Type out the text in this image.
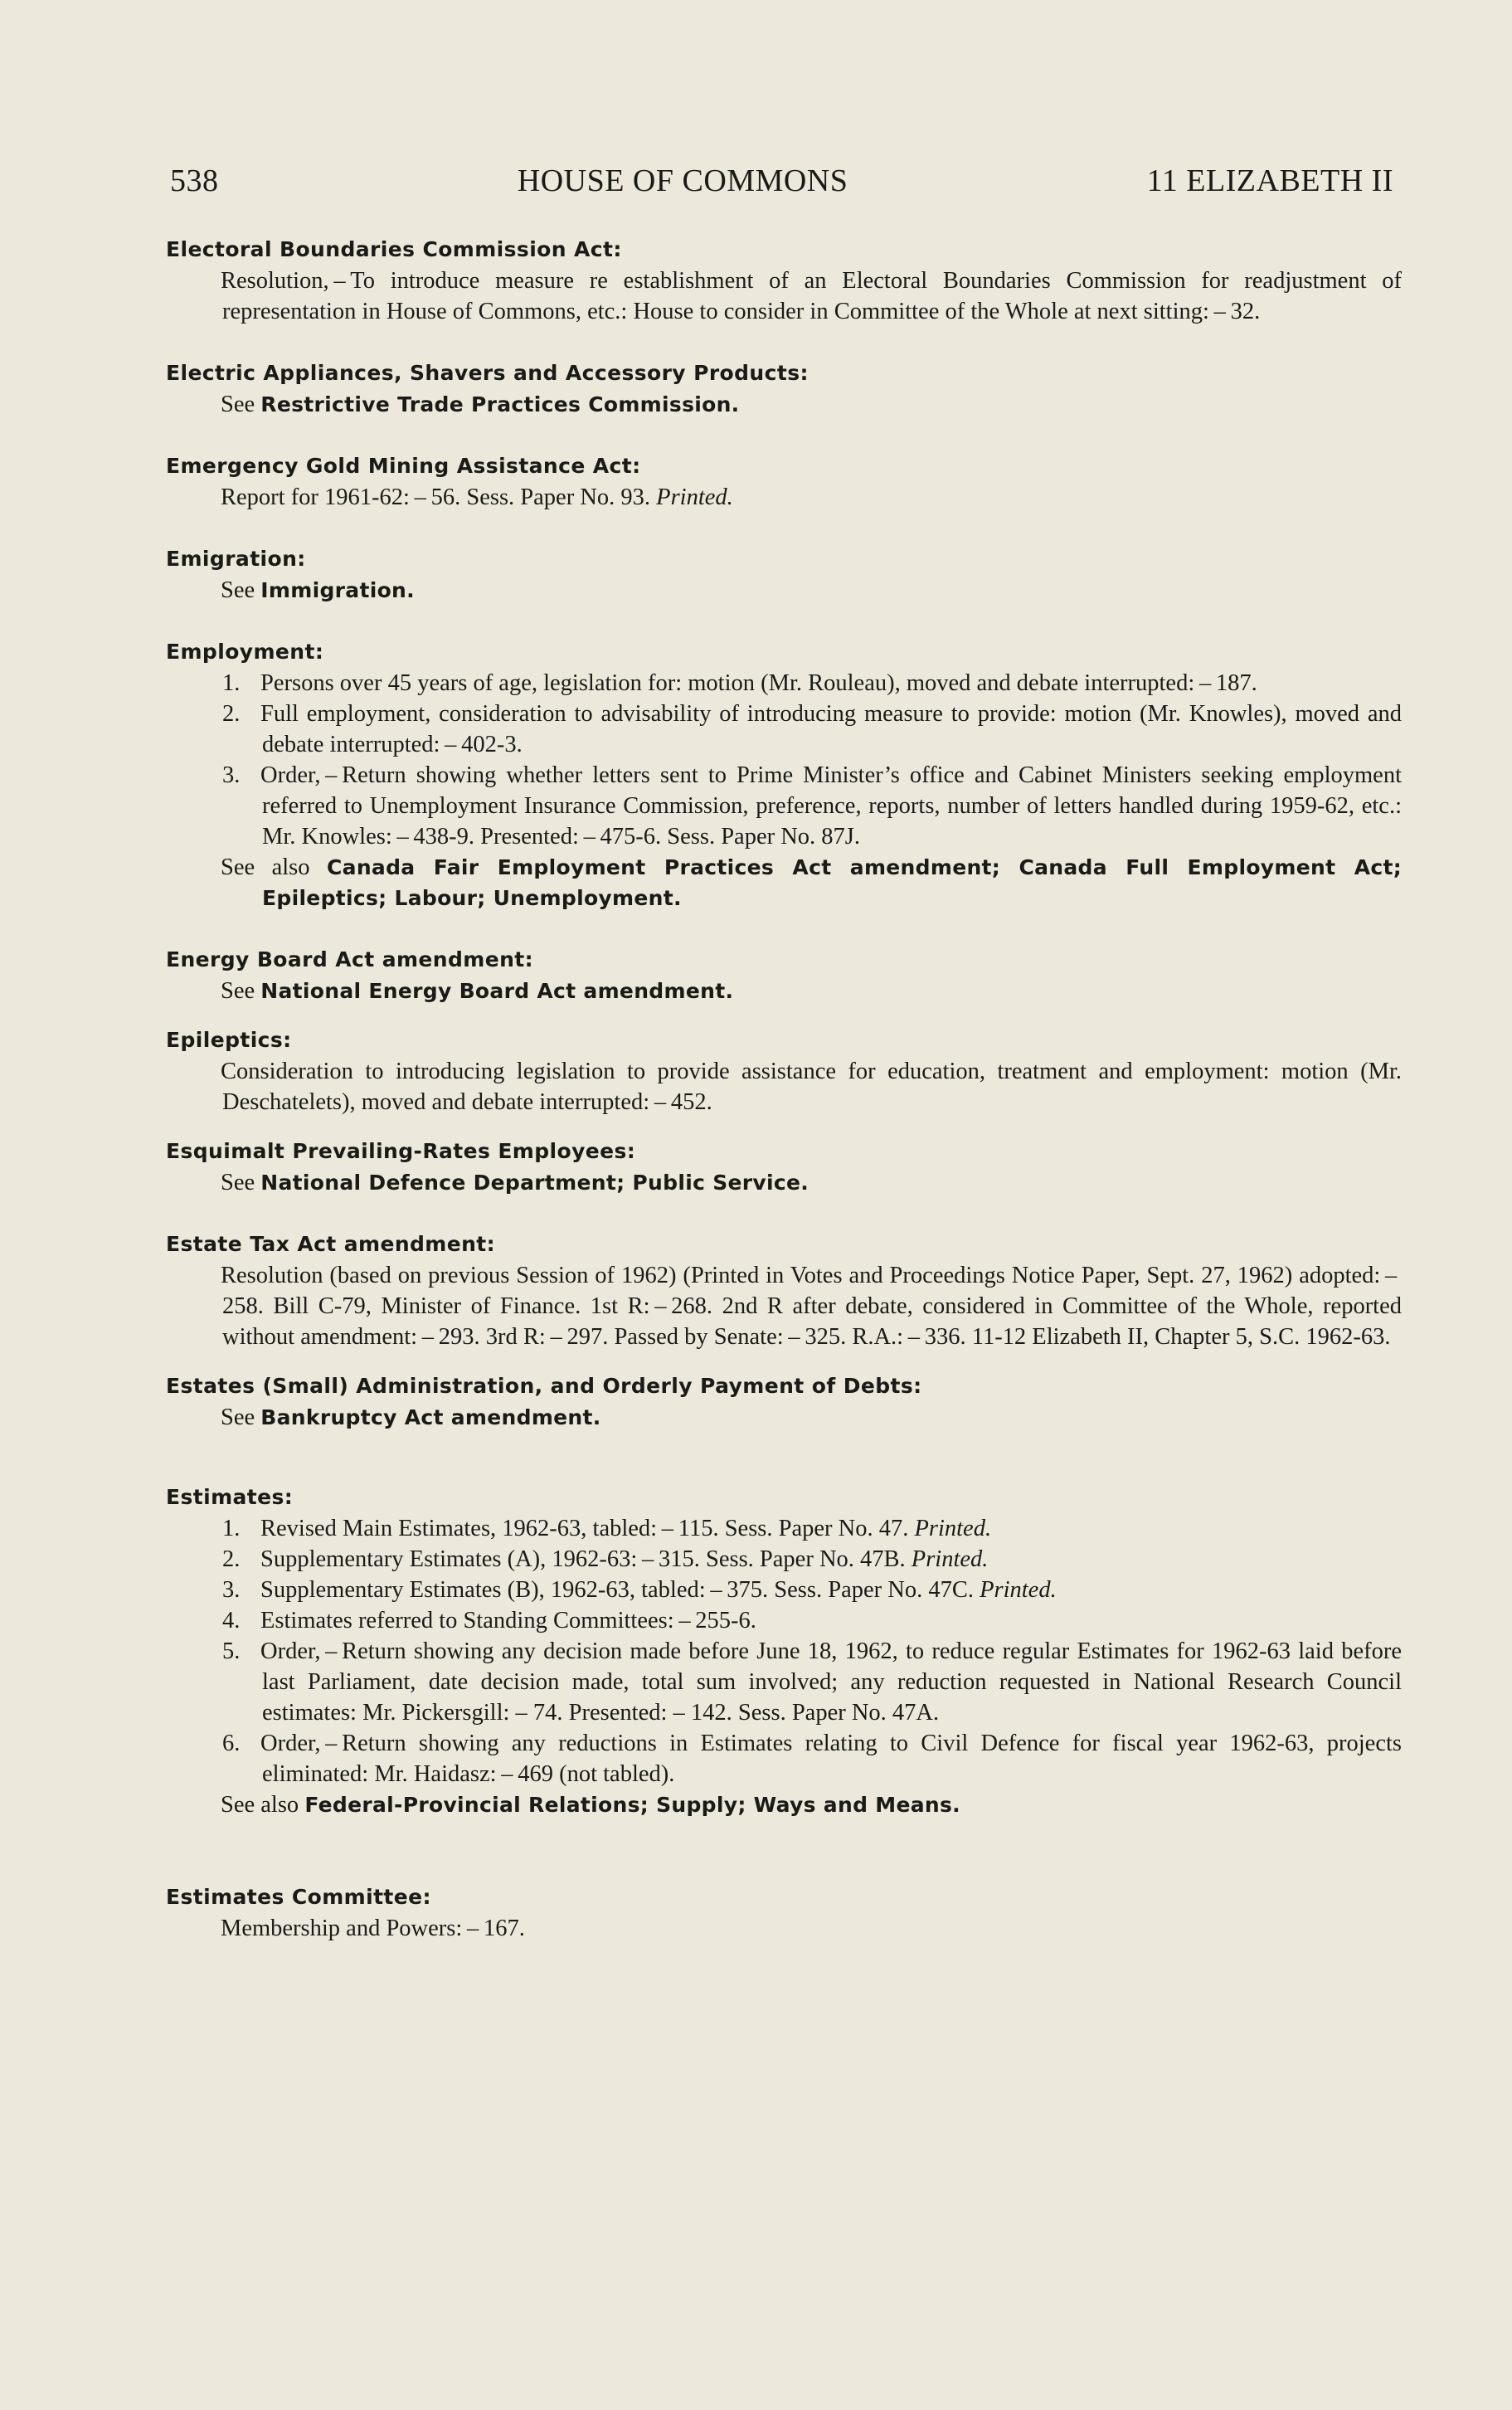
538	HOUSE OF COMMONS	11 ELIZABETH II
Electoral Boundaries Commission Act:
Resolution, – To introduce measure re establishment of an Electoral Boundaries Commission for readjustment of representation in House of Commons, etc.: House to consider in Committee of the Whole at next sitting: – 32.
Electric Appliances, Shavers and Accessory Products:
See Restrictive Trade Practices Commission.
Emergency Gold Mining Assistance Act:
Report for 1961-62: – 56. Sess. Paper No. 93. Printed.
Emigration:
See Immigration.
Employment:
1. Persons over 45 years of age, legislation for: motion (Mr. Rouleau), moved and debate interrupted: – 187.
2. Full employment, consideration to advisability of introducing measure to provide: motion (Mr. Knowles), moved and debate interrupted: – 402-3.
3. Order, – Return showing whether letters sent to Prime Minister’s office and Cabinet Ministers seeking employment referred to Unemployment Insurance Commission, preference, reports, number of letters handled during 1959-62, etc.: Mr. Knowles: – 438-9. Presented: – 475-6. Sess. Paper No. 87J.
See also Canada Fair Employment Practices Act amendment; Canada Full Employment Act; Epileptics; Labour; Unemployment.
Energy Board Act amendment:
See National Energy Board Act amendment.
Epileptics:
Consideration to introducing legislation to provide assistance for education, treatment and employment: motion (Mr. Deschatelets), moved and debate interrupted: – 452.
Esquimalt Prevailing-Rates Employees:
See National Defence Department; Public Service.
Estate Tax Act amendment:
Resolution (based on previous Session of 1962) (Printed in Votes and Proceedings Notice Paper, Sept. 27, 1962) adopted: – 258. Bill C-79, Minister of Finance. 1st R: – 268. 2nd R after debate, considered in Committee of the Whole, reported without amendment: – 293. 3rd R: – 297. Passed by Senate: – 325. R.A.: – 336. 11-12 Elizabeth II, Chapter 5, S.C. 1962-63.
Estates (Small) Administration, and Orderly Payment of Debts:
See Bankruptcy Act amendment.
Estimates:
1. Revised Main Estimates, 1962-63, tabled: – 115. Sess. Paper No. 47. Printed.
2. Supplementary Estimates (A), 1962-63: – 315. Sess. Paper No. 47B. Printed.
3. Supplementary Estimates (B), 1962-63, tabled: – 375. Sess. Paper No. 47C. Printed.
4. Estimates referred to Standing Committees: – 255-6.
5. Order, – Return showing any decision made before June 18, 1962, to reduce regular Estimates for 1962-63 laid before last Parliament, date decision made, total sum involved; any reduction requested in National Research Council estimates: Mr. Pickersgill: – 74. Presented: – 142. Sess. Paper No. 47A.
6. Order, – Return showing any reductions in Estimates relating to Civil Defence for fiscal year 1962-63, projects eliminated: Mr. Haidasz: – 469 (not tabled).
See also Federal-Provincial Relations; Supply; Ways and Means.
Estimates Committee:
Membership and Powers: – 167.
